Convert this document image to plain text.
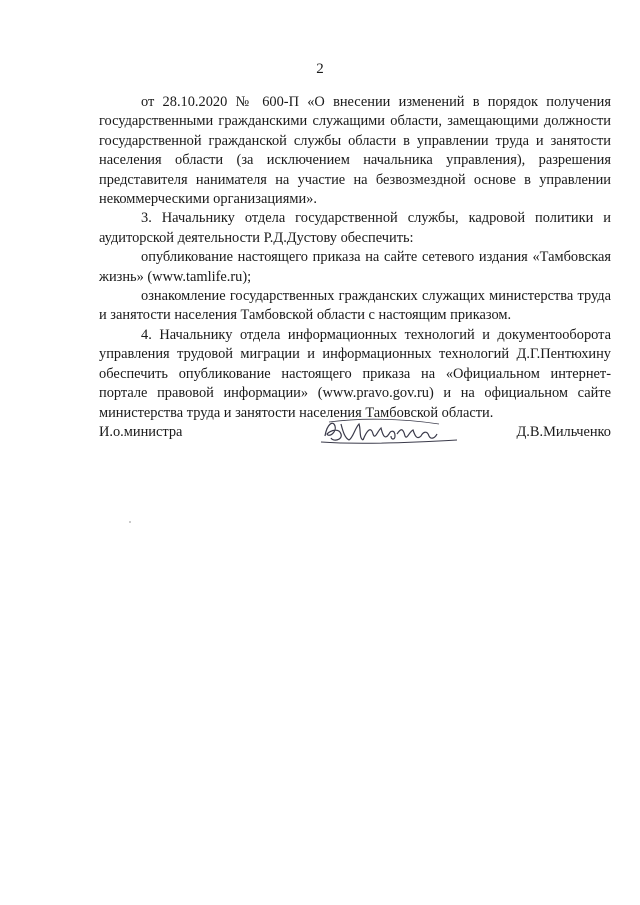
2

от 28.10.2020 № 600-П «О внесении изменений в порядок получения государственными гражданскими служащими области, замещающими должности государственной гражданской службы области в управлении труда и занятости населения области (за исключением начальника управления), разрешения представителя нанимателя на участие на безвозмездной основе в управлении некоммерческими организациями».

3. Начальнику отдела государственной службы, кадровой политики и аудиторской деятельности Р.Д.Дустову обеспечить:

опубликование настоящего приказа на сайте сетевого издания «Тамбовская жизнь» (www.tamlife.ru);

ознакомление государственных гражданских служащих министерства труда и занятости населения Тамбовской области с настоящим приказом.

4. Начальнику отдела информационных технологий и документооборота управления трудовой миграции и информационных технологий Д.Г.Пентюхину обеспечить опубликование настоящего приказа на «Официальном интернет-портале правовой информации» (www.pravo.gov.ru) и на официальном сайте министерства труда и занятости населения Тамбовской области.

И.о.министра	Д.В.Мильченко
